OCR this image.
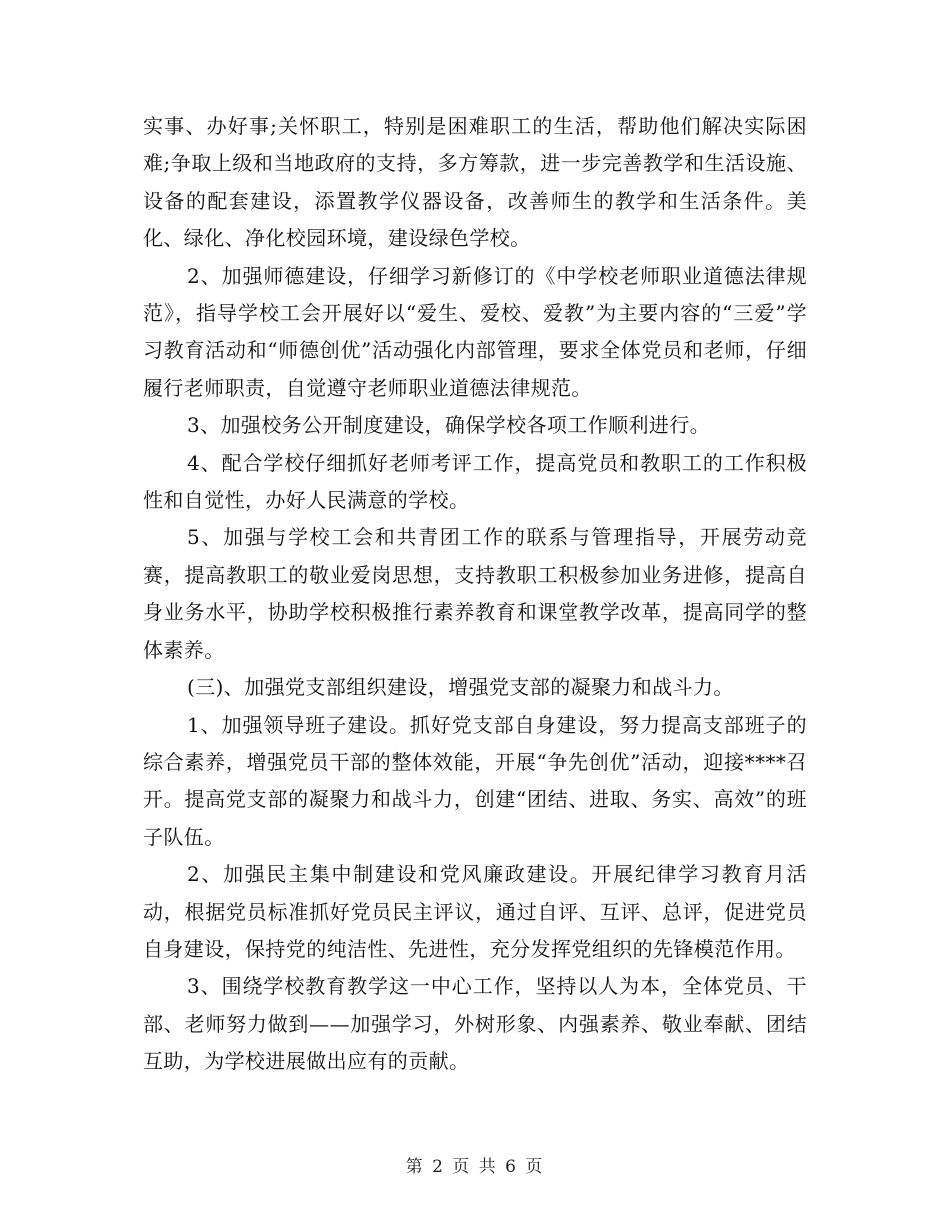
实事、办好事;关怀职工，特别是困难职工的生活，帮助他们解决实际困难;争取上级和当地政府的支持，多方筹款，进一步完善教学和生活设施、设备的配套建设，添置教学仪器设备，改善师生的教学和生活条件。美化、绿化、净化校园环境，建设绿色学校。

2、加强师德建设，仔细学习新修订的《中学校老师职业道德法律规范》，指导学校工会开展好以“爱生、爱校、爱教”为主要内容的“三爱”学习教育活动和“师德创优”活动强化内部管理，要求全体党员和老师，仔细履行老师职责，自觉遵守老师职业道德法律规范。

3、加强校务公开制度建设，确保学校各项工作顺利进行。

4、配合学校仔细抓好老师考评工作，提高党员和教职工的工作积极性和自觉性，办好人民满意的学校。

5、加强与学校工会和共青团工作的联系与管理指导，开展劳动竞赛，提高教职工的敬业爱岗思想，支持教职工积极参加业务进修，提高自身业务水平，协助学校积极推行素养教育和课堂教学改革，提高同学的整体素养。

(三)、加强党支部组织建设，增强党支部的凝聚力和战斗力。

1、加强领导班子建设。抓好党支部自身建设，努力提高支部班子的综合素养，增强党员干部的整体效能，开展“争先创优”活动，迎接****召开。提高党支部的凝聚力和战斗力，创建“团结、进取、务实、高效”的班子队伍。

2、加强民主集中制建设和党风廉政建设。开展纪律学习教育月活动，根据党员标准抓好党员民主评议，通过自评、互评、总评，促进党员自身建设，保持党的纯洁性、先进性，充分发挥党组织的先锋模范作用。

3、围绕学校教育教学这一中心工作，坚持以人为本，全体党员、干部、老师努力做到——加强学习，外树形象、内强素养、敬业奉献、团结互助，为学校进展做出应有的贡献。

第 2 页 共 6 页
